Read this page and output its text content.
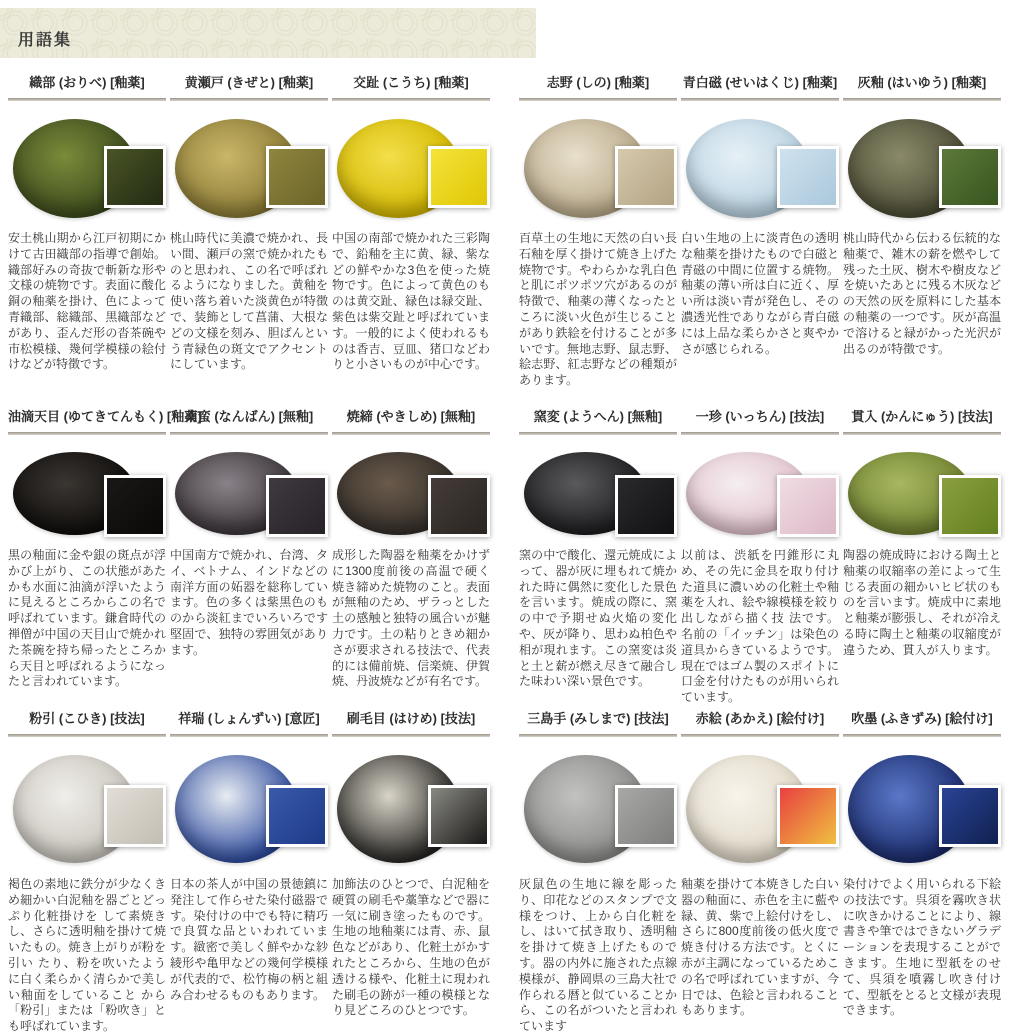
用語集
織部 (おりべ) [釉薬]

安土桃山期から江戸初期にかけて古田織部の指導で創始。織部好みの奇抜で斬新な形や文様の焼物です。表面に酸化銅の釉薬を掛け、色によって青織部、総織部、黒織部などがあり、歪んだ形の沓茶碗や市松模様、幾何学模様の絵付けなどが特徴です。

黄瀬戸 (きぜと) [釉薬]

桃山時代に美濃で焼かれ、長い間、瀬戸の窯で焼かれたものと思われ、この名で呼ばれるようになりました。黄釉を使い落ち着いた淡黄色が特徴で、装飾として菖蒲、大根などの文様を刻み、胆ばんという青緑色の斑文でアクセントにしています。

交趾 (こうち) [釉薬]

中国の南部で焼かれた三彩陶で、鉛釉を主に黄、緑、紫などの鮮やかな3色を使った焼物です。色によって黄色のものは黄交趾、緑色は緑交趾、紫色は紫交趾と呼ばれています。一般的によく使われるものは香吉、豆皿、猪口などわりと小さいものが中心です。

志野 (しの) [釉薬]

百草土の生地に天然の白い長石釉を厚く掛けて焼き上げた焼物です。やわらかな乳白色と肌にポツポツ穴があるのが特徴で、釉薬の薄くなったところに淡い火色が生じることがあり鉄絵を付けることが多いです。無地志野、鼠志野、絵志野、紅志野などの種類があります。

青白磁 (せいはくじ) [釉薬]

白い生地の上に淡青色の透明な釉薬を掛けたもので白磁と青磁の中間に位置する焼物。釉薬の薄い所は白に近く、厚い所は淡い青が発色し、その濃透光性でありながら青白磁には上品な柔らかさと爽やかさが感じられる。

灰釉 (はいゆう) [釉薬]

桃山時代から伝わる伝統的な釉薬で、雑木の薪を燃やして残った土灰、樹木や樹皮などを焼いたあとに残る木灰などの天然の灰を原料にした基本の釉薬の一つです。灰が高温で溶けると緑がかった光沢が出るのが特徴です。

油滴天目 (ゆてきてんもく) [釉薬]

黒の釉面に金や銀の斑点が浮かび上がり、この状態があたかも水面に油滴が浮いたように見えるところからこの名で呼ばれています。鎌倉時代の禅僧が中国の天目山で焼かれた茶碗を持ち帰ったところから天目と呼ばれるようになったと言われています。

南蛮 (なんばん) [無釉]

中国南方で焼かれ、台湾、タイ、ベトナム、インドなどの南洋方面の妬器を総称しています。色の多くは紫黒色のものから淡紅までいろいろです堅固で、独特の雰囲気があります。

焼締 (やきしめ) [無釉]

成形した陶器を釉薬をかけずに1300度前後の高温で硬く焼き締めた焼物のこと。表面が無釉のため、ザラっとした土の感触と独特の風合いが魅力です。土の粘りときめ細かさが要求される技法で、代表的には備前焼、信楽焼、伊賀焼、丹波焼などが有名です。

窯変 (ようへん) [無釉]

窯の中で酸化、還元焼成によって、器が灰に埋もれて焼かれた時に偶然に変化した景色を言います。焼成の際に、窯の中で予期せぬ火焔の変化や、灰が降り、思わぬ柏色や相が現れます。この窯変は炎と土と薪が燃え尽きて融合した味わい深い景色です。

一珍 (いっちん) [技法]

以前は、渋紙を円錐形に丸め、その先に金具を取り付けた道具に濃いめの化粧土や釉薬を入れ、絵や線模様を絞り出しながら描く技 法です。名前の「イッチン」は染色の道具からきているようです。現在ではゴム製のスポイトに口金を付けたものが用いられています。

貫入 (かんにゅう) [技法]

陶器の焼成時における陶土と釉薬の収縮率の差によって生じる表面の細かいヒビ状のものを言います。焼成中に素地と釉薬が膨張し、それが冷える時に陶土と釉薬の収縮度が違うため、貫入が入ります。

粉引 (こひき) [技法]

褐色の素地に鉄分が少なくきめ細かい白泥釉を器ごとどっぷり化粧掛けを して素焼きし、さらに透明釉を掛けて焼いたもの。焼き上がりが粉を引い たり、粉を吹いたように白く柔らかく清らかで美しい釉面をしていること から「粉引」または「粉吹き」とも呼ばれています。

祥瑞 (しょんずい) [意匠]

日本の茶人が中国の景徳鎮に発注して作らせた染付磁器です。染付けの中でも特に精巧で良質な品といわれています。緻密で美しく鮮やかな紗綾形や亀甲などの幾何学模様が代表的で、松竹梅の柄と組み合わせるものもあります。

刷毛目 (はけめ) [技法]

加飾法のひとつで、白泥釉を硬質の刷毛や藁筆などで器に一気に刷き塗ったものです。生地の地釉薬には青、赤、鼠色などがあり、化粧土がかすれたところから、生地の色が透ける様や、化粧土に現われた刷毛の跡が一種の模様となり見どころのひとつです。

三島手 (みしまで) [技法]

灰鼠色の生地に線を彫ったり、印花などのスタンプで文様をつけ、上から白化粧をし、はいて拭き取り、透明釉を掛けて焼き上げたものです。器の内外に施された点線模様が、静岡県の三島大社で作られる暦と似ていることから、この名がついたと言われています

赤絵 (あかえ) [絵付け]

釉薬を掛けて本焼きした白い器の釉面に、赤色を主に藍や緑、黄、紫で上絵付けをし、さらに800度前後の低火度で焼き付ける方法です。とくに赤が主調になっているためこの名で呼ばれていますが、今日では、色絵と言われることもあります。

吹墨 (ふきずみ) [絵付け]

染付けでよく用いられる下絵の技法です。呉須を霧吹き状に吹きかけることにより、線書きや筆ではできないグラデーションを表現することができます。生地に型紙をのせて、呉須を噴霧し吹き付けて、型紙をとると文様が表現できます。
